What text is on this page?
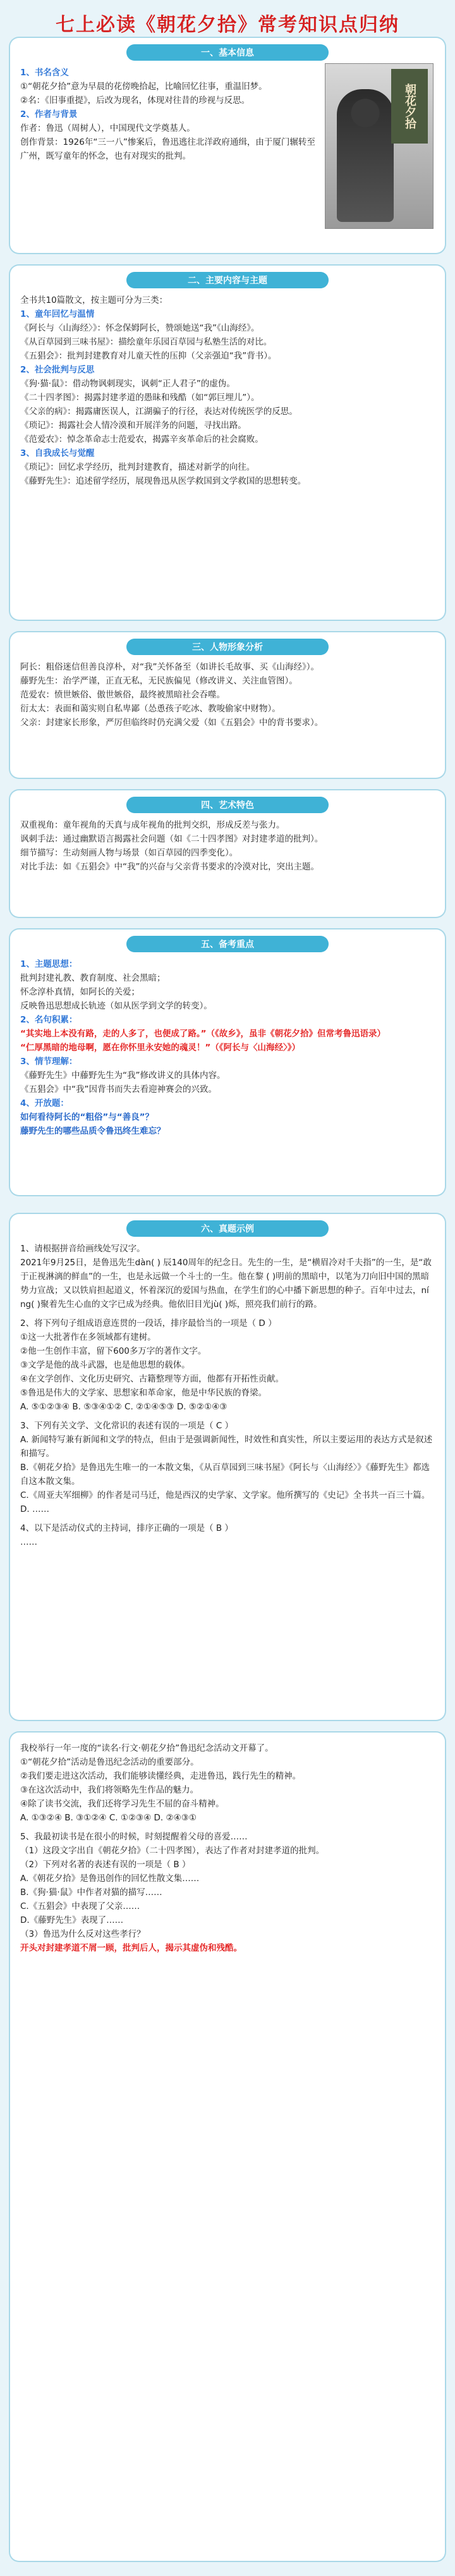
七上必读《朝花夕拾》常考知识点归纳
一、基本信息
朝花夕拾

1、书名含义

①“朝花夕拾”意为早晨的花傍晚拾起，比喻回忆往事，重温旧梦。

②名：《旧事重提》，后改为现名，体现对往昔的珍视与反思。

2、作者与背景

作者：鲁迅（周树人），中国现代文学奠基人。

创作背景：1926年“三一八”惨案后，鲁迅逃往北洋政府通缉，由于厦门辗转至广州，既写童年的怀念，也有对现实的批判。

二、主要内容与主题

全书共10篇散文，按主题可分为三类：

1、童年回忆与温情

《阿长与〈山海经〉》：怀念保姆阿长，赞颂她送“我”《山海经》。

《从百草园到三味书屋》：描绘童年乐园百草园与私塾生活的对比。

《五猖会》：批判封建教育对儿童天性的压抑（父亲强迫“我”背书）。

2、社会批判与反思

《狗·猫·鼠》：借动物讽刺现实，讽刺“正人君子”的虚伪。

《二十四孝图》：揭露封建孝道的愚昧和残酷（如“郭巨埋儿”）。

《父亲的病》：揭露庸医误人，江湖骗子的行径，表达对传统医学的反思。

《琐记》：揭露社会人情冷漠和开展洋务的问题，寻找出路。

《范爱农》：悼念革命志士范爱农，揭露辛亥革命后的社会腐败。

3、自我成长与觉醒

《琐记》：回忆求学经历，批判封建教育，描述对新学的向往。

《藤野先生》：追述留学经历，展现鲁迅从医学救国到文学救国的思想转变。

三、人物形象分析

阿长：粗俗迷信但善良淳朴，对“我”关怀备至（如讲长毛故事、买《山海经》）。

藤野先生：治学严谨，正直无私，无民族偏见（修改讲义、关注血管图）。

范爱农：愤世嫉俗、傲世嫉俗，最终被黑暗社会吞噬。

衍太太：表面和蔼实则自私卑鄙（怂恿孩子吃冰、教唆偷家中财物）。

父亲：封建家长形象，严厉但临终时仍充满父爱（如《五猖会》中的背书要求）。

四、艺术特色

双重视角：童年视角的天真与成年视角的批判交织，形成反差与张力。

讽刺手法：通过幽默语言揭露社会问题（如《二十四孝图》对封建孝道的批判）。

细节描写：生动刻画人物与场景（如百草园的四季变化）。

对比手法：如《五猖会》中“我”的兴奋与父亲背书要求的冷漠对比，突出主题。

五、备考重点

1、主题思想：

批判封建礼教、教育制度、社会黑暗；

怀念淳朴真情，如阿长的关爱；

反映鲁迅思想成长轨迹（如从医学到文学的转变）。

2、名句积累：

“其实地上本没有路，走的人多了，也便成了路。”（《故乡》，虽非《朝花夕拾》但常考鲁迅语录）

“仁厚黑暗的地母啊，愿在你怀里永安她的魂灵！”（《阿长与〈山海经〉》）

3、情节理解：

《藤野先生》中藤野先生为“我”修改讲义的具体内容。

《五猖会》中“我”因背书而失去看迎神赛会的兴致。

4、开放题：

如何看待阿长的“粗俗”与“善良”？

藤野先生的哪些品质令鲁迅终生难忘？

六、真题示例

1、请根据拼音给画线处写汉字。

2021年9月25日，是鲁迅先生dàn( ) 辰140周年的纪念日。先生的一生，是“横眉冷对千夫指”的一生，是“敢于正视淋漓的鲜血”的一生，也是永远做一个斗士的一生。他在黎 ( )明前的黑暗中，以笔为刀向旧中国的黑暗势力宣战；又以铁肩担起道义，怀着深沉的爱国与热血，在学生们的心中播下新思想的种子。百年中过去，ní ng( )聚着先生心血的文字已成为经典。他依旧目光jù( )烁，照亮我们前行的路。

2、将下列句子组成语意连贯的一段话，排序最恰当的一项是（ D ）

①这一大批著作在多领域都有建树。

②他一生创作丰富，留下600多万字的著作文字。

③文学是他的战斗武器，也是他思想的载体。

④在文学创作、文化历史研究、古籍整理等方面，他都有开拓性贡献。

⑤鲁迅是伟大的文学家、思想家和革命家，他是中华民族的脊梁。

A. ⑤①②③④ B. ⑤③④①② C. ②①④⑤③ D. ⑤②①④③

3、下列有关文学、文化常识的表述有误的一项是（ C ）

A. 新闻特写兼有新闻和文学的特点，但由于是强调新闻性，时效性和真实性，所以主要运用的表达方式是叙述和描写。

B.《朝花夕拾》是鲁迅先生唯一的一本散文集，《从百草园到三味书屋》《阿长与〈山海经〉》《藤野先生》都选自这本散文集。

C.《周亚夫军细柳》的作者是司马迁，他是西汉的史学家、文学家。他所撰写的《史记》全书共一百三十篇。

D. ……

4、以下是活动仪式的主持词，排序正确的一项是（ B ）

……

我校举行一年一度的“读名·行文·朝花夕拾”鲁迅纪念活动文开幕了。

①“朝花夕拾”活动是鲁迅纪念活动的重要部分。

②我们要走进这次活动，我们能够读懂经典，走进鲁迅，践行先生的精神。

③在这次活动中，我们将领略先生作品的魅力。

④除了读书交流，我们还将学习先生不屈的奋斗精神。

A. ①③②④ B. ③①②④ C. ①②③④ D. ②④③①

5、我最初读书是在很小的时候，时刻提醒着父母的喜爱……

（1）这段文字出自《朝花夕拾》（二十四孝图），表达了作者对封建孝道的批判。

（2）下列对名著的表述有误的一项是（ B ）

A.《朝花夕拾》是鲁迅创作的回忆性散文集……

B.《狗·猫·鼠》中作者对猫的描写……

C.《五猖会》中表现了父亲……

D.《藤野先生》表现了……

（3）鲁迅为什么反对这些孝行？

开头对封建孝道不屑一顾，批判后人，揭示其虚伪和残酷。
